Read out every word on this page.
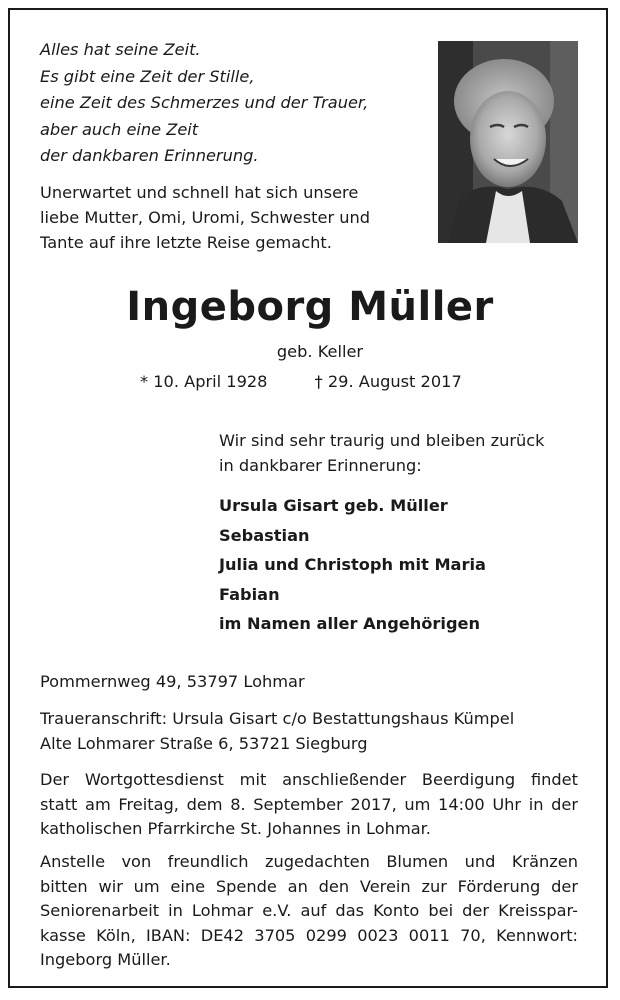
Alles hat seine Zeit.
Es gibt eine Zeit der Stille,
eine Zeit des Schmerzes und der Trauer,
aber auch eine Zeit
der dankbaren Erinnerung.
Unerwartet und schnell hat sich unsere
liebe Mutter, Omi, Uromi, Schwester und
Tante auf ihre letzte Reise gemacht.
Ingeborg Müller
geb. Keller
* 10. April 1928	† 29. August 2017
Wir sind sehr traurig und bleiben zurück
in dankbarer Erinnerung:
Ursula Gisart geb. Müller
Sebastian
Julia und Christoph mit Maria
Fabian
im Namen aller Angehörigen
Pommernweg 49, 53797 Lohmar
Traueranschrift: Ursula Gisart c/o Bestattungshaus Kümpel
Alte Lohmarer Straße 6, 53721 Siegburg
Der Wortgottesdienst mit anschließender Beerdigung findet
statt am Freitag, dem 8. September 2017, um 14:00 Uhr in der
katholischen Pfarrkirche St. Johannes in Lohmar.
Anstelle von freundlich zugedachten Blumen und Kränzen
bitten wir um eine Spende an den Verein zur Förderung der
Seniorenarbeit in Lohmar e.V. auf das Konto bei der Kreisspar-
kasse Köln, IBAN: DE42 3705 0299 0023 0011 70, Kennwort:
Ingeborg Müller.
